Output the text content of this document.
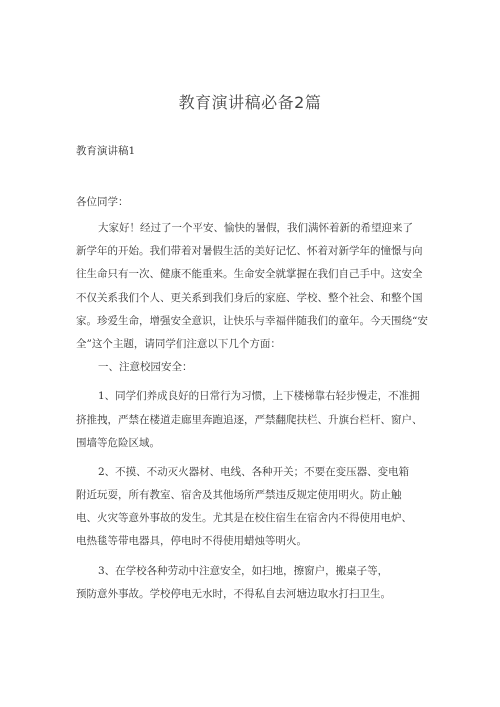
教育演讲稿必备2篇
教育演讲稿1
各位同学：
大家好！经过了一个平安、愉快的暑假，我们满怀着新的希望迎来了
新学年的开始。我们带着对暑假生活的美好记忆、怀着对新学年的憧憬与向
往生命只有一次、健康不能重来。生命安全就掌握在我们自己手中。这安全
不仅关系我们个人、更关系到我们身后的家庭、学校、整个社会、和整个国
家。珍爱生命，增强安全意识，让快乐与幸福伴随我们的童年。今天围绕“安
全”这个主题，请同学们注意以下几个方面：
一、注意校园安全：
1、同学们养成良好的日常行为习惯，上下楼梯靠右轻步慢走，不准拥
挤推拽，严禁在楼道走廊里奔跑追逐，严禁翻爬扶栏、升旗台栏杆、窗户、
围墙等危险区域。
2、不摸、不动灭火器材、电线、各种开关；不要在变压器、变电箱
附近玩耍，所有教室、宿舍及其他场所严禁违反规定使用明火。防止触
电、火灾等意外事故的发生。尤其是在校住宿生在宿舍内不得使用电炉、
电热毯等带电器具，停电时不得使用蜡烛等明火。
3、在学校各种劳动中注意安全，如扫地，擦窗户，搬桌子等，
预防意外事故。学校停电无水时，不得私自去河塘边取水打扫卫生。
